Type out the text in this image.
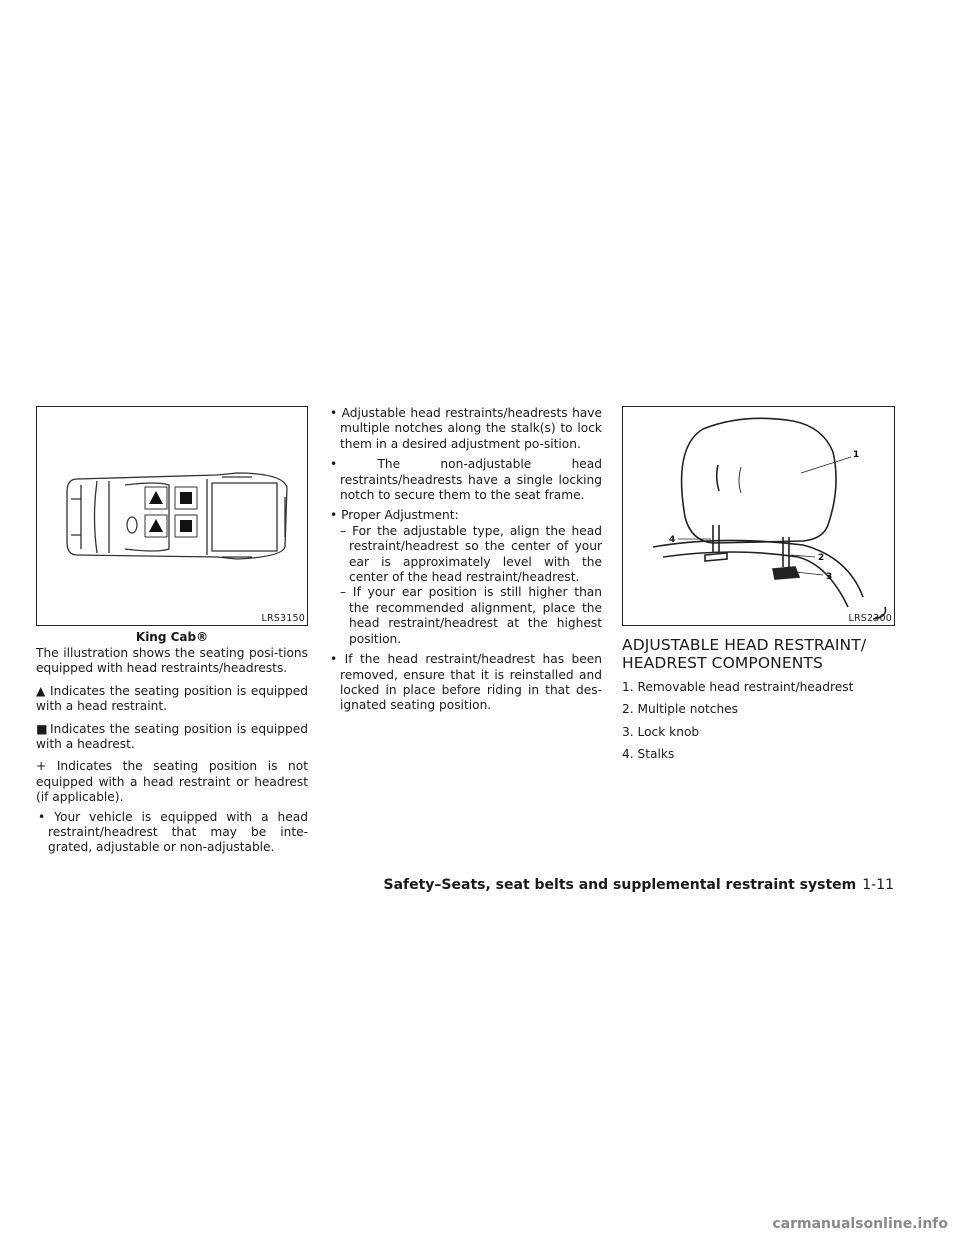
LRS3150
King Cab®

The illustration shows the seating posi-tions equipped with head restraints/headrests.

▲ Indicates the seating position is equipped with a head restraint.

■ Indicates the seating position is equipped with a headrest.

+ Indicates the seating position is not equipped with a head restraint or headrest (if applicable).

• Your vehicle is equipped with a head restraint/headrest that may be inte-grated, adjustable or non-adjustable.

• Adjustable head restraints/headrests have multiple notches along the stalk(s) to lock them in a desired adjustment po-sition.

• The non-adjustable head restraints/headrests have a single locking notch to secure them to the seat frame.

• Proper Adjustment:

– For the adjustable type, align the head restraint/headrest so the center of your ear is approximately level with the center of the head restraint/headrest.

– If your ear position is still higher than the recommended alignment, place the head restraint/headrest at the highest position.

• If the head restraint/headrest has been removed, ensure that it is reinstalled and locked in place before riding in that des-ignated seating position.

1
2
3
4
LRS2300
ADJUSTABLE HEAD RESTRAINT/
HEADREST COMPONENTS
1. Removable head restraint/headrest
2. Multiple notches
3. Lock knob
4. Stalks
Safety–Seats, seat belts and supplemental restraint system 1-11
carmanualsonline.info
